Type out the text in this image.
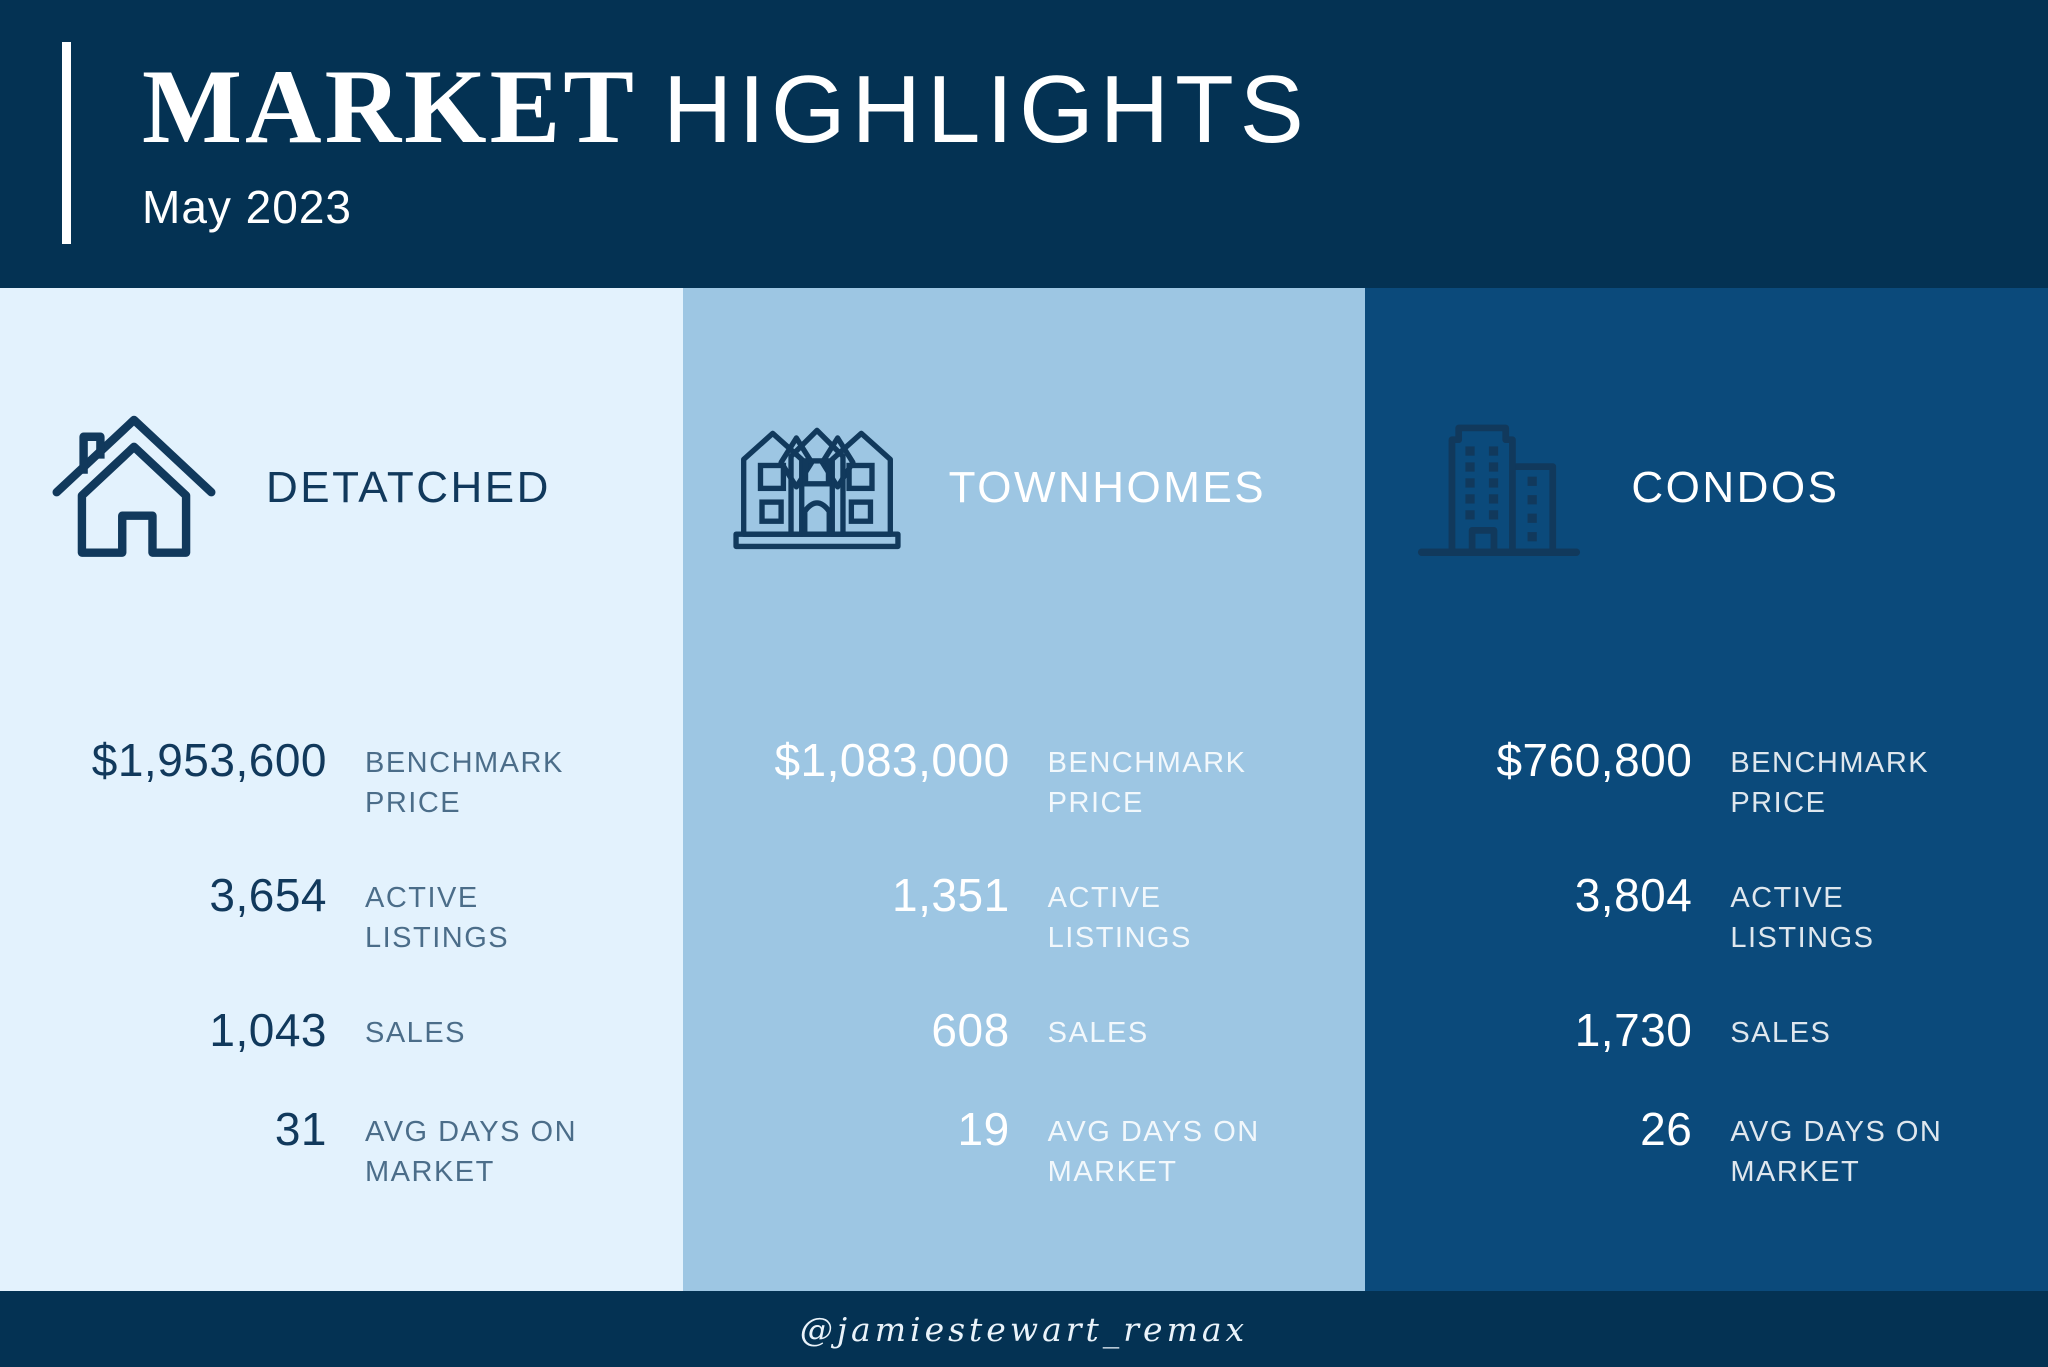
MARKET HIGHLIGHTS
May 2023
DETATCHED
$1,953,600 BENCHMARK PRICE
3,654 ACTIVE LISTINGS
1,043 SALES
31 AVG DAYS ON MARKET
TOWNHOMES
$1,083,000 BENCHMARK PRICE
1,351 ACTIVE LISTINGS
608 SALES
19 AVG DAYS ON MARKET
CONDOS
$760,800 BENCHMARK PRICE
3,804 ACTIVE LISTINGS
1,730 SALES
26 AVG DAYS ON MARKET
@jamiestewart_remax
